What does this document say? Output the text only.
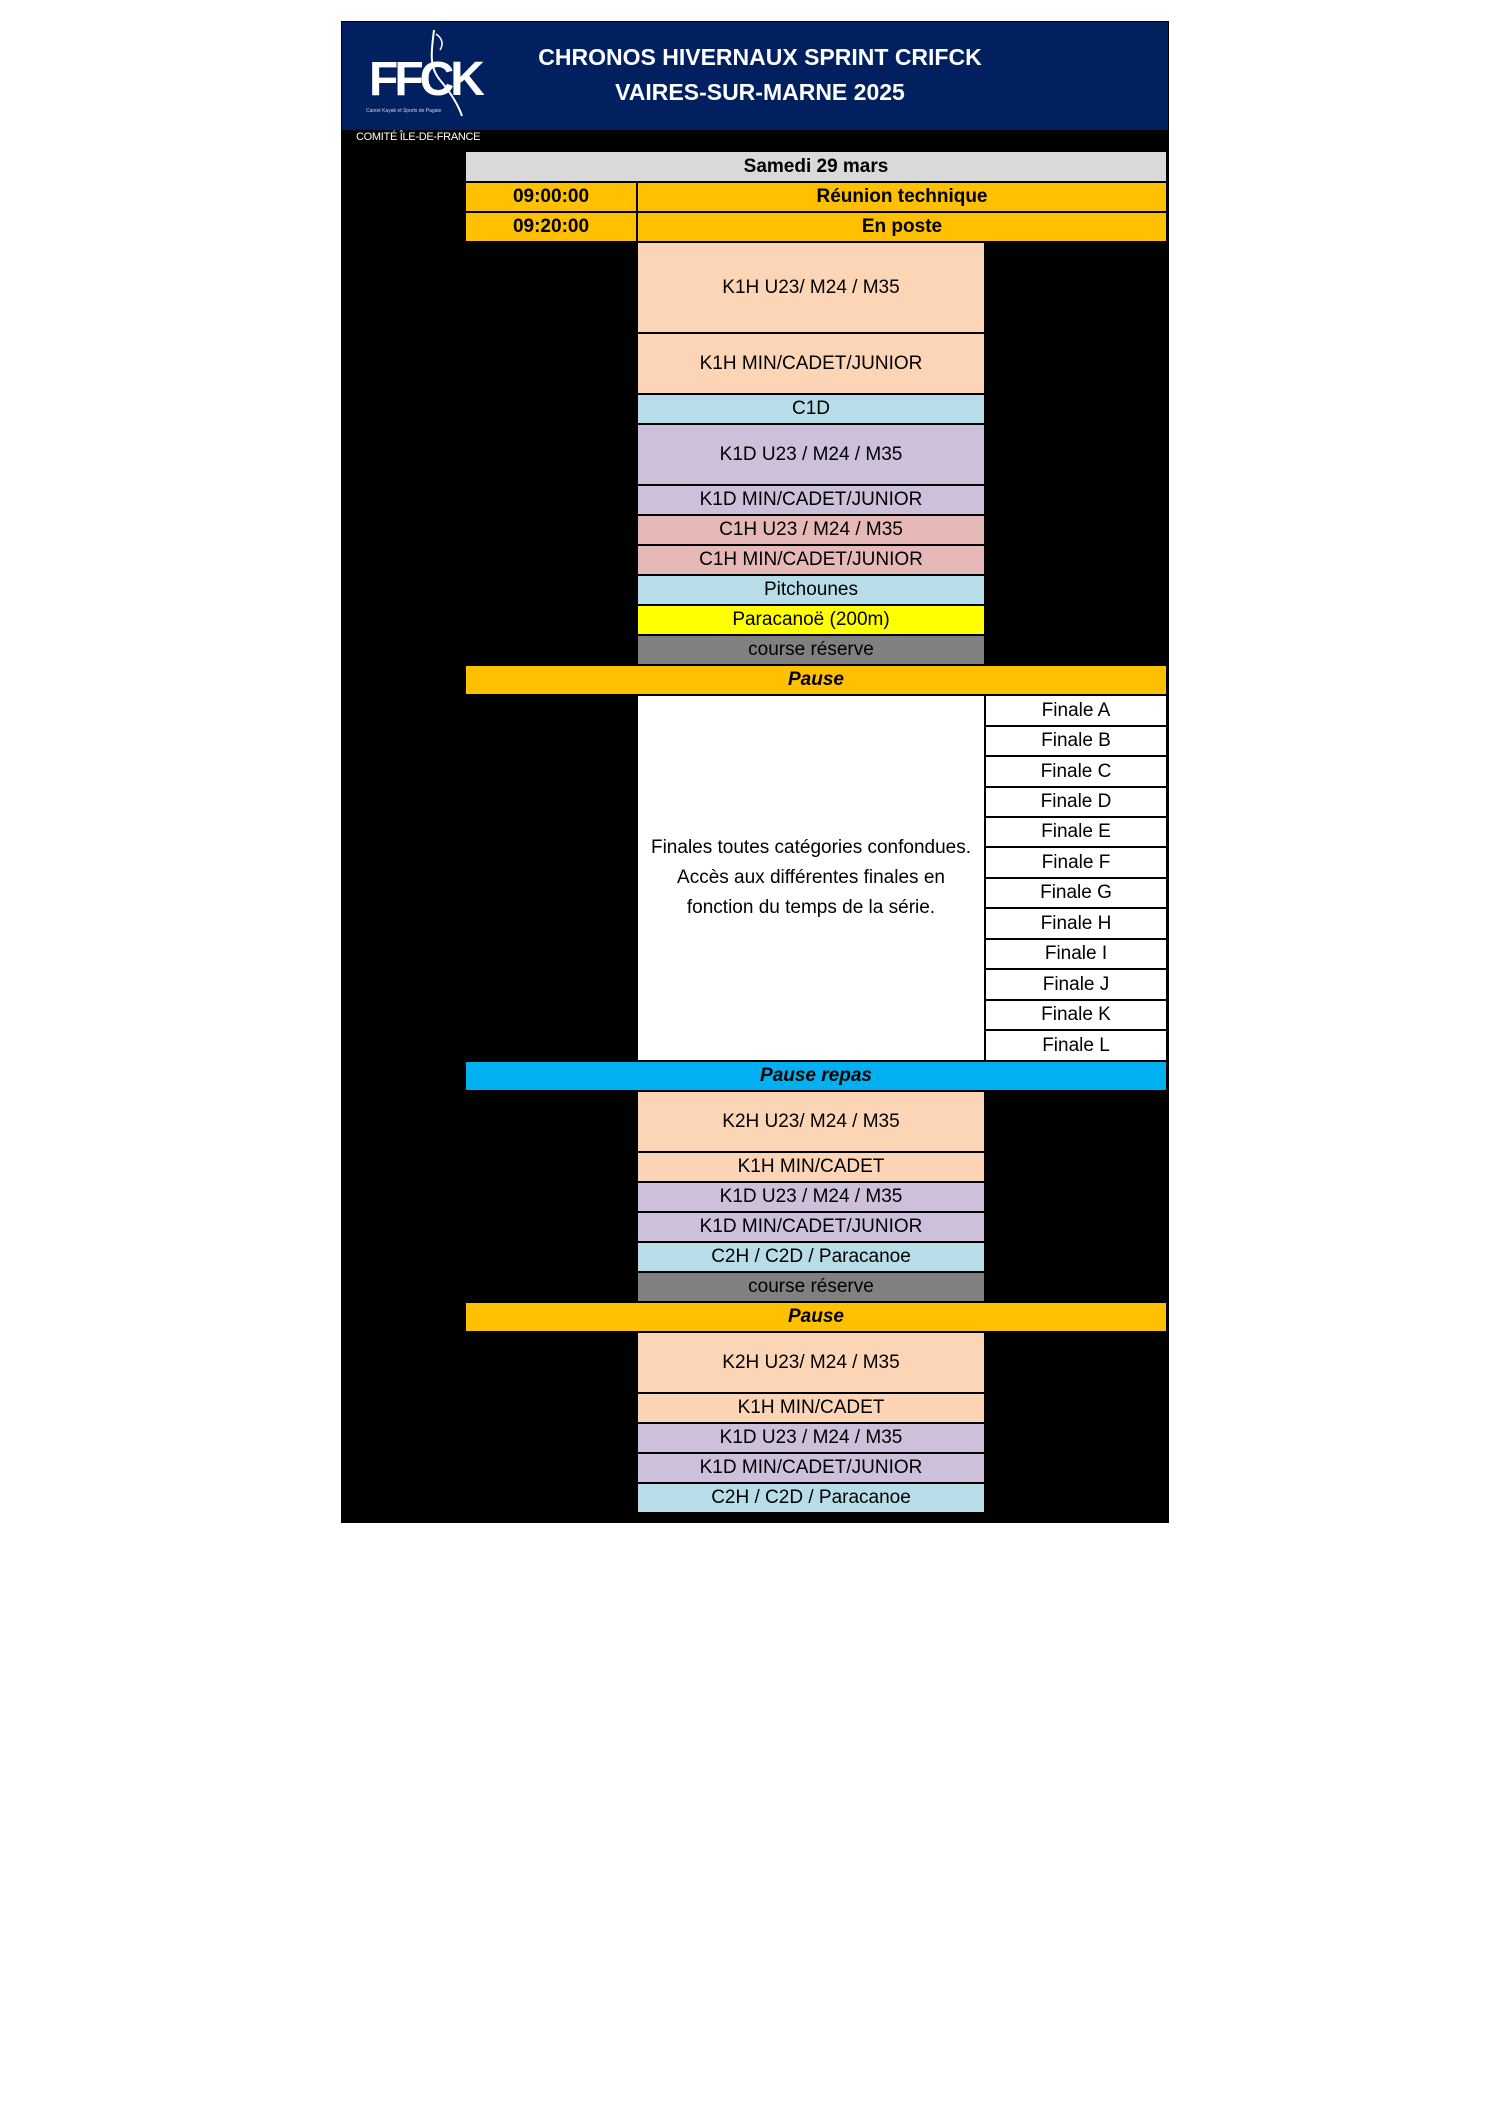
FFCK
Canoë Kayak et Sports de Pagaie
CHRONOS HIVERNAUX SPRINT CRIFCK
VAIRES-SUR-MARNE 2025
COMITÉ ÎLE-DE-FRANCE
Samedi 29 mars
09:00:00	Réunion technique
09:20:00	En poste
K1H U23/ M24 / M35
K1H MIN/CADET/JUNIOR
C1D
K1D U23 / M24 / M35
K1D MIN/CADET/JUNIOR
C1H U23 / M24 / M35
C1H MIN/CADET/JUNIOR
Pitchounes
Paracanoë (200m)
course réserve
Pause
Finales toutes catégories confondues. Accès aux différentes finales en fonction du temps de la série.
Finale A
Finale B
Finale C
Finale D
Finale E
Finale F
Finale G
Finale H
Finale I
Finale J
Finale K
Finale L
Pause repas
K2H U23/ M24 / M35
K1H MIN/CADET
K1D U23 / M24 / M35
K1D MIN/CADET/JUNIOR
C2H / C2D / Paracanoe
course réserve
Pause
K2H U23/ M24 / M35
K1H MIN/CADET
K1D U23 / M24 / M35
K1D MIN/CADET/JUNIOR
C2H / C2D / Paracanoe
